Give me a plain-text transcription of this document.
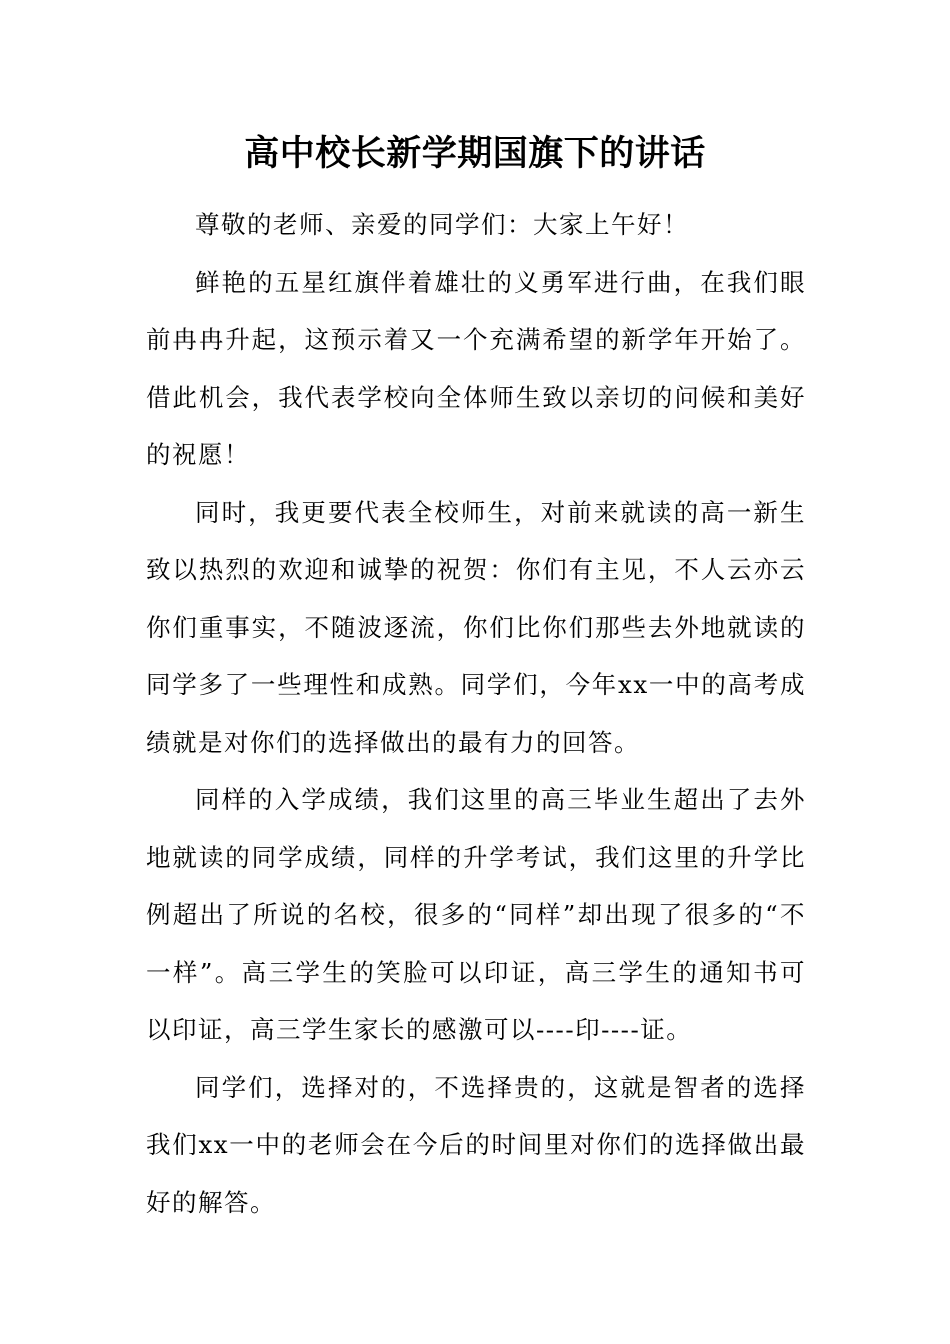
高中校长新学期国旗下的讲话

尊敬的老师、亲爱的同学们：大家上午好！

鲜艳的五星红旗伴着雄壮的义勇军进行曲，在我们眼前冉冉升起，这预示着又一个充满希望的新学年开始了。借此机会，我代表学校向全体师生致以亲切的问候和美好的祝愿！

同时，我更要代表全校师生，对前来就读的高一新生致以热烈的欢迎和诚挚的祝贺：你们有主见，不人云亦云你们重事实，不随波逐流，你们比你们那些去外地就读的同学多了一些理性和成熟。同学们，今年xx一中的高考成绩就是对你们的选择做出的最有力的回答。

同样的入学成绩，我们这里的高三毕业生超出了去外地就读的同学成绩，同样的升学考试，我们这里的升学比例超出了所说的名校，很多的“同样”却出现了很多的“不一样”。高三学生的笑脸可以印证，高三学生的通知书可以印证，高三学生家长的感激可以----印----证。

同学们，选择对的，不选择贵的，这就是智者的选择我们xx一中的老师会在今后的时间里对你们的选择做出最好的解答。
